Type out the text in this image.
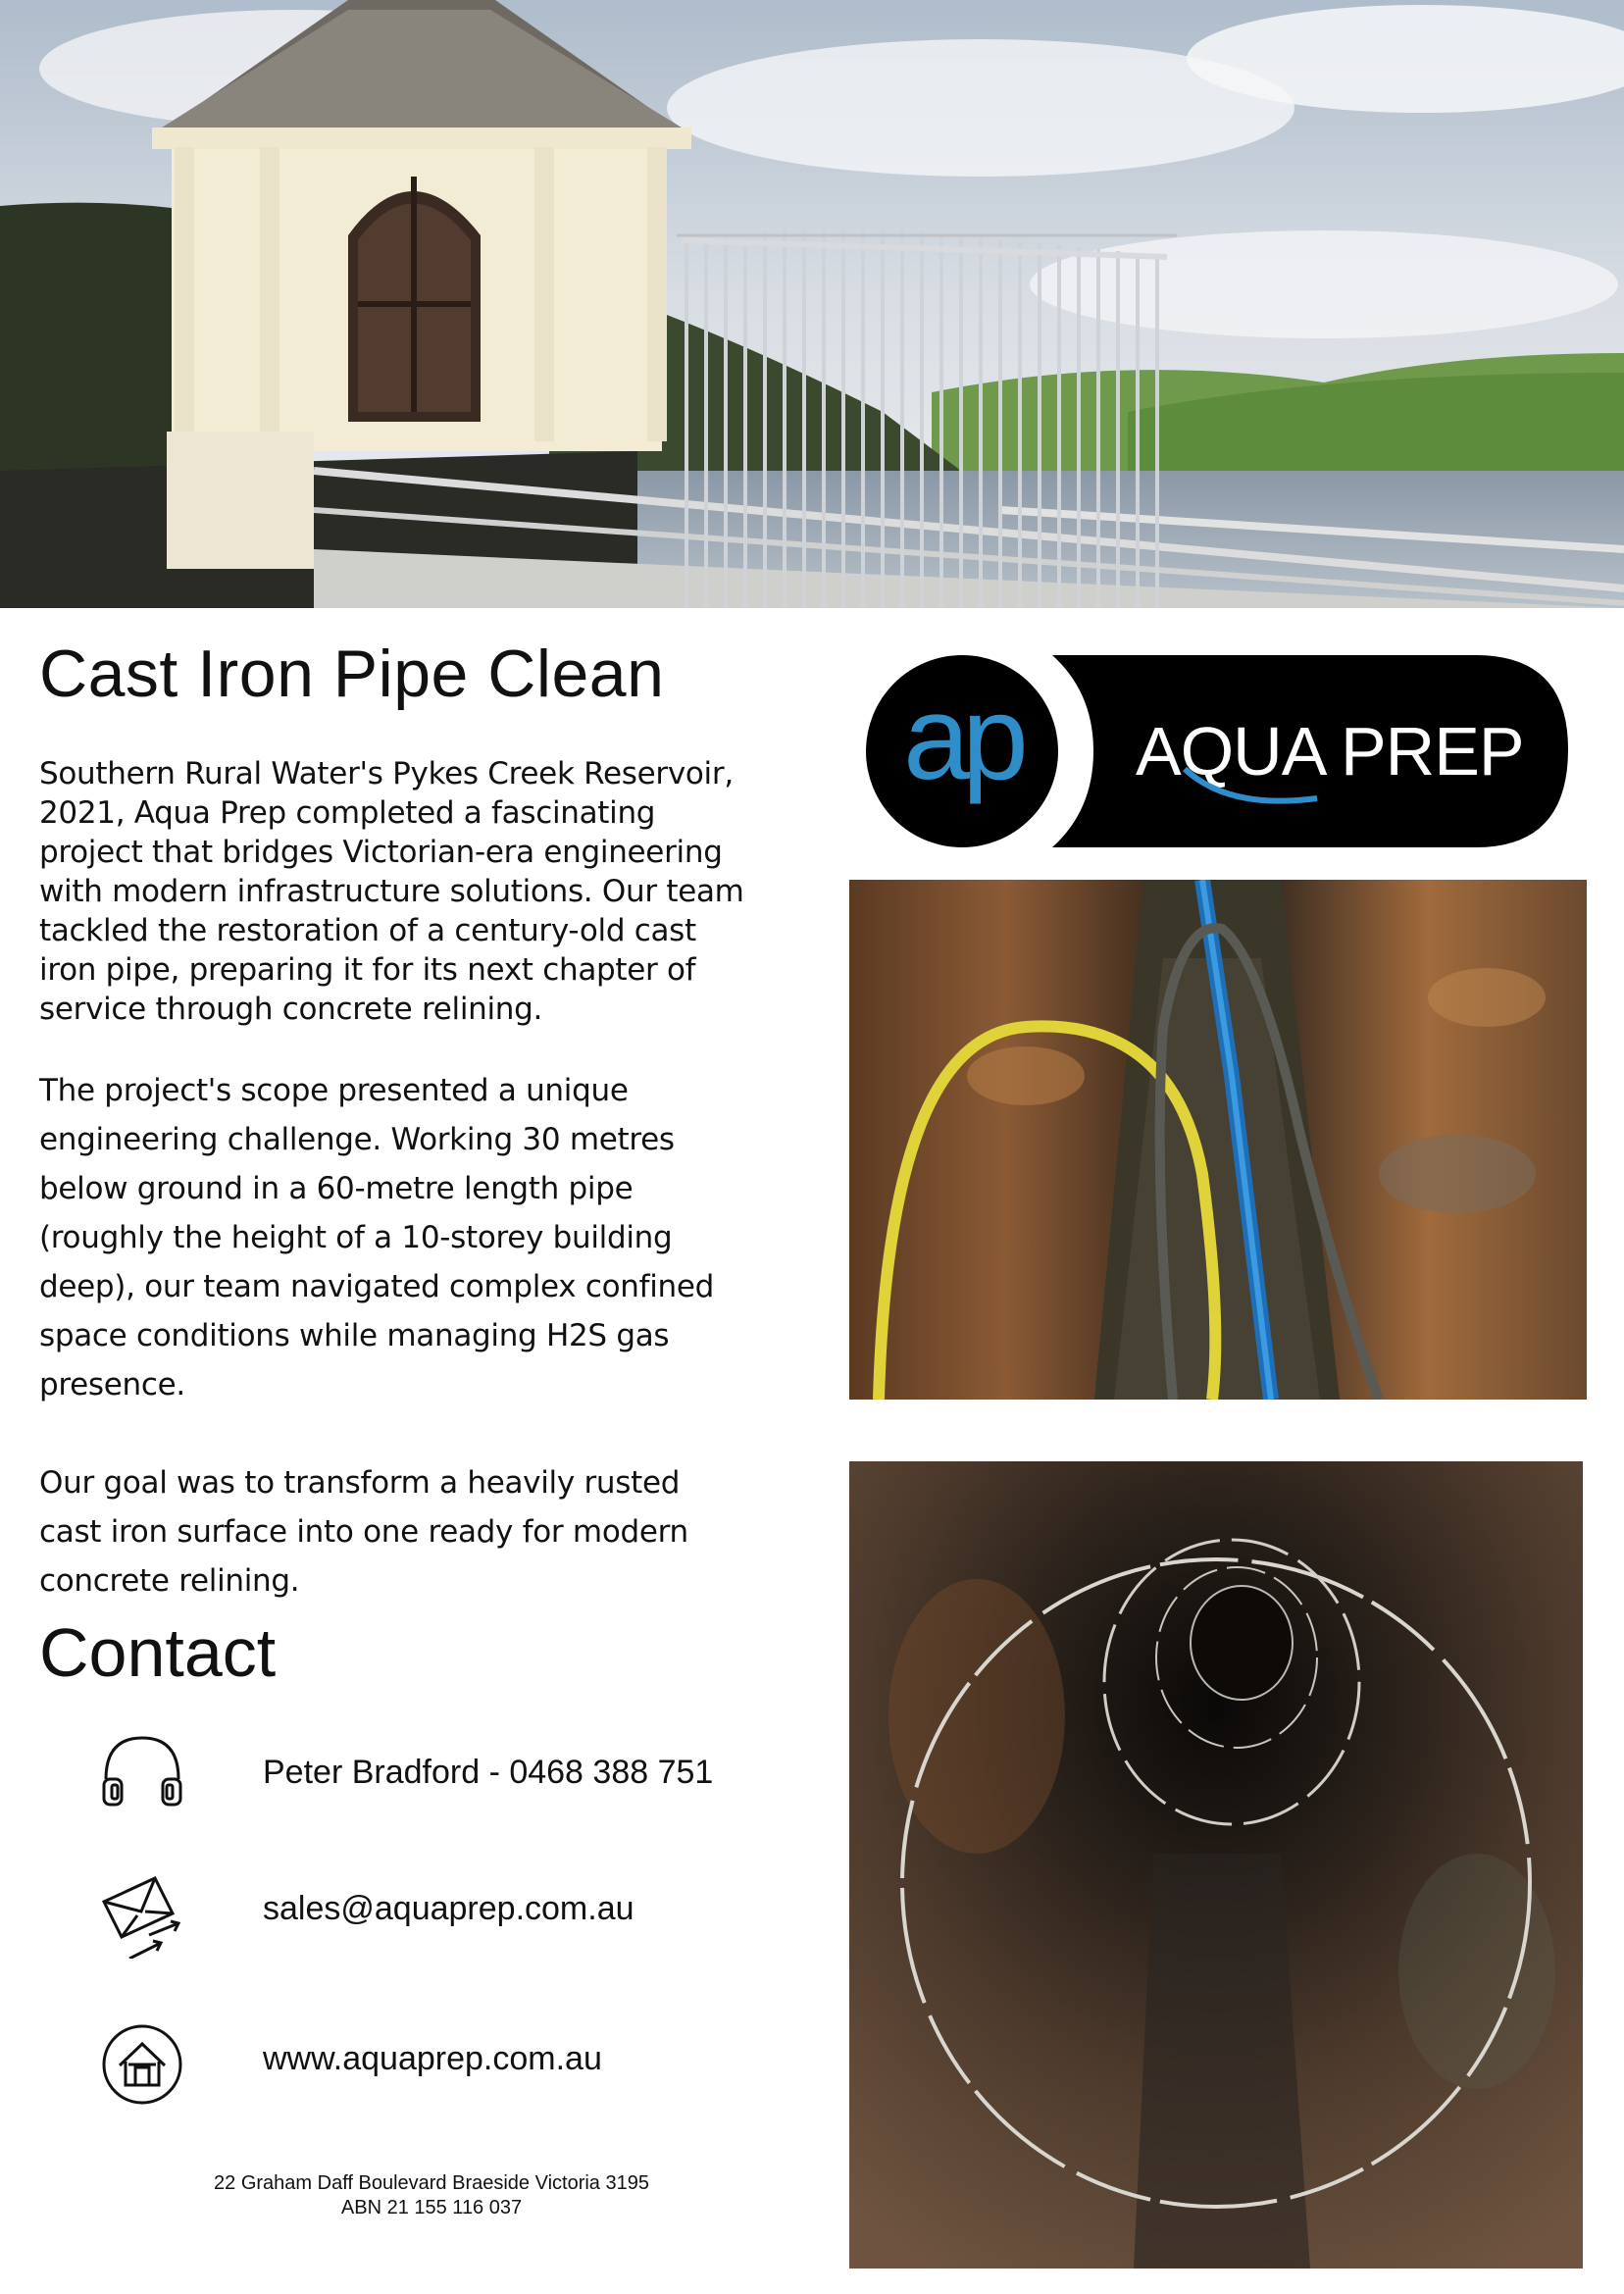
Cast Iron Pipe Clean

Southern Rural Water's Pykes Creek Reservoir, 2021, Aqua Prep completed a fascinating project that bridges Victorian-era engineering with modern infrastructure solutions. Our team tackled the restoration of a century-old cast iron pipe, preparing it for its next chapter of service through concrete relining.

The project's scope presented a unique engineering challenge. Working 30 metres below ground in a 60-metre length pipe (roughly the height of a 10-storey building deep), our team navigated complex confined space conditions while managing H2S gas presence.

Our goal was to transform a heavily rusted cast iron surface into one ready for modern concrete relining.

Contact
Peter Bradford - 0468 388 751
sales@aquaprep.com.au
www.aquaprep.com.au
22 Graham Daff Boulevard Braeside Victoria 3195
ABN 21 155 116 037
ap AQUA PREP
